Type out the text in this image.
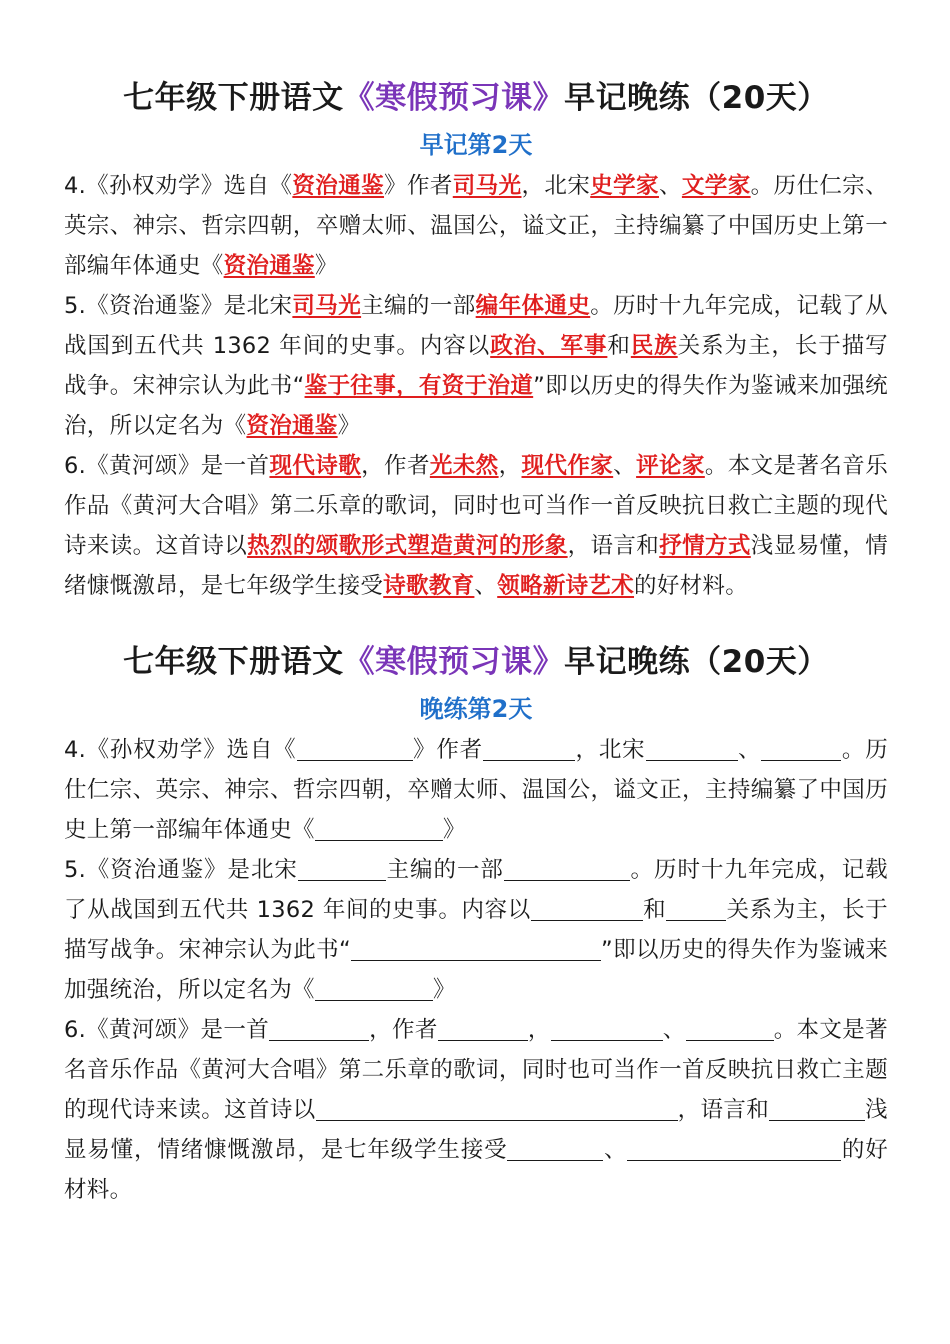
七年级下册语文《寒假预习课》早记晚练（20天）
早记第2天

4.《孙权劝学》选自《资治通鉴》作者司马光，北宋史学家、文学家。历仕仁宗、英宗、神宗、哲宗四朝，卒赠太师、温国公，谥文正，主持编纂了中国历史上第一部编年体通史《资治通鉴》

5.《资治通鉴》是北宋司马光主编的一部编年体通史。历时十九年完成，记载了从战国到五代共 1362 年间的史事。内容以政治、军事和民族关系为主，长于描写战争。宋神宗认为此书“鉴于往事，有资于治道”即以历史的得失作为鉴诫来加强统治，所以定名为《资治通鉴》

6.《黄河颂》是一首现代诗歌，作者光未然，现代作家、评论家。本文是著名音乐作品《黄河大合唱》第二乐章的歌词，同时也可当作一首反映抗日救亡主题的现代诗来读。这首诗以热烈的颂歌形式塑造黄河的形象，语言和抒情方式浅显易懂，情绪慷慨激昂，是七年级学生接受诗歌教育、领略新诗艺术的好材料。

七年级下册语文《寒假预习课》早记晚练（20天）
晚练第2天

4.《孙权劝学》选自《	》作者	，北宋	、	。历仕仁宗、英宗、神宗、哲宗四朝，卒赠太师、温国公，谥文正，主持编纂了中国历史上第一部编年体通史《	》

5.《资治通鉴》是北宋	主编的一部	。历时十九年完成，记载了从战国到五代共 1362 年间的史事。内容以	和	关系为主，长于描写战争。宋神宗认为此书“	”即以历史的得失作为鉴诫来加强统治，所以定名为《	》

6.《黄河颂》是一首	，作者	，	、	。本文是著名音乐作品《黄河大合唱》第二乐章的歌词，同时也可当作一首反映抗日救亡主题的现代诗来读。这首诗以	，语言和	浅显易懂，情绪慷慨激昂，是七年级学生接受	、	的好材料。
